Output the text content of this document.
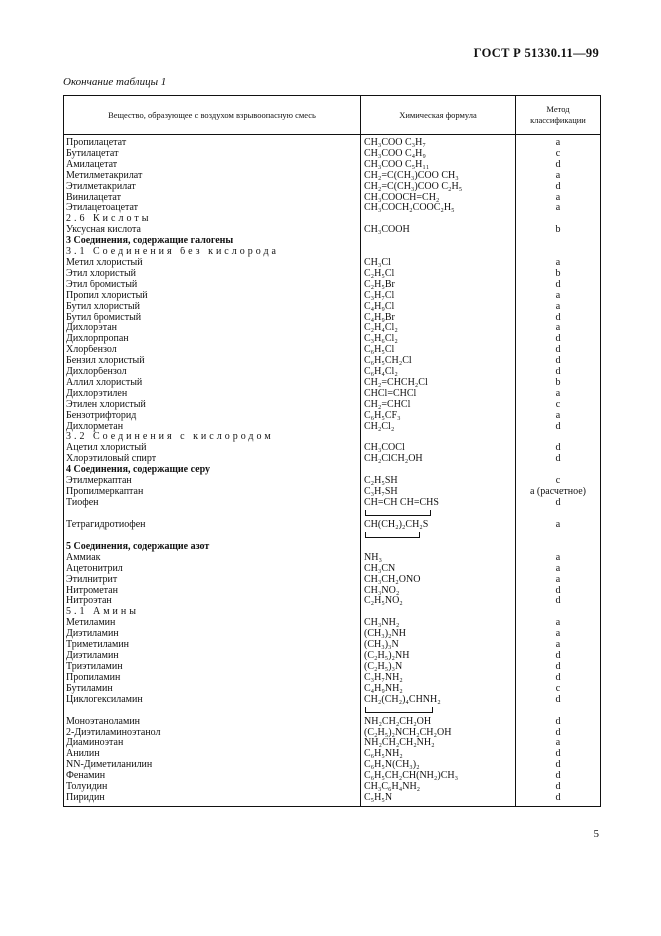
ГОСТ Р 51330.11—99
Окончание таблицы 1
Вещество, образующее с воздухом взрывоопасную смесь	Химическая формула	Метод классификации
Пропилацетат	CH₃COO C₃H₇	a
Бутилацетат	CH₃COO C₄H₉	c
Амилацетат	CH₃COO C₅H₁₁	d
Метилметакрилат	CH₂=C(CH₃)COO CH₃	a
Этилметакрилат	CH₂=C(CH₃)COO C₂H₅	d
Винилацетат	CH₃COOCH=CH₂	a
Этилацетоацетат	CH₃COCH₂COOC₂H₅	a
2.6 Кислоты		
Уксусная кислота	CH₃COOH	b
3 Соединения, содержащие галогены		
3.1 Соединения без кислорода		
Метил хлористый	CH₃Cl	a
Этил хлористый	C₂H₅Cl	b
Этил бромистый	C₂H₅Br	d
Пропил хлористый	C₃H₇Cl	a
Бутил хлористый	C₄H₉Cl	a
Бутил бромистый	C₄H₉Br	d
Дихлорэтан	C₂H₄Cl₂	a
Дихлорпропан	C₃H₆Cl₂	d
Хлорбензол	C₆H₅Cl	d
Бензил хлористый	C₆H₅CH₂Cl	d
Дихлорбензол	C₆H₄Cl₂	d
Аллил хлористый	CH₂=CHCH₂Cl	b
Дихлорэтилен	CHCl=CHCl	a
Этилен хлористый	CH₂=CHCl	c
Бензотрифторид	C₆H₅CF₃	a
Дихлорметан	CH₂Cl₂	d
3.2 Соединения с кислородом		
Ацетил хлористый	CH₃COCl	d
Хлорэтиловый спирт	CH₂ClCH₂OH	d
4 Соединения, содержащие серу		
Этилмеркаптан	C₂H₅SH	c
Пропилмеркаптан	C₃H₇SH	a (расчетное)
Тиофен	CH=CH CH=CHS	d
Тетрагидротиофен	CH(CH₂)₂CH₂S	a
5 Соединения, содержащие азот		
Аммиак	NH₃	a
Ацетонитрил	CH₃CN	a
Этилнитрит	CH₃CH₂ONO	a
Нитрометан	CH₃NO₂	d
Нитроэтан	C₂H₅NO₂	d
5.1 Амины		
Метиламин	CH₃NH₂	a
Диэтиламин	(CH₃)₂NH	a
Триметиламин	(CH₃)₃N	a
Диэтиламин	(C₂H₅)₂NH	d
Триэтиламин	(C₂H₅)₃N	d
Пропиламин	C₃H₇NH₂	d
Бутиламин	C₄H₉NH₂	c
Циклогексиламин	CH₂(CH₂)₄CHNH₂	d
Моноэтаноламин	NH₂CH₂CH₂OH	d
2-Диэтиламиноэтанол	(C₂H₅)₂NCH₂CH₂OH	d
Диаминоэтан	NH₂CH₂CH₂NH₂	a
Анилин	C₆H₅NH₂	d
NN-Диметиланилин	C₆H₅N(CH₃)₂	d
Фенамин	C₆H₅CH₂CH(NH₂)CH₃	d
Толуидин	CH₃C₆H₄NH₂	d
Пиридин	C₅H₅N	d
5
